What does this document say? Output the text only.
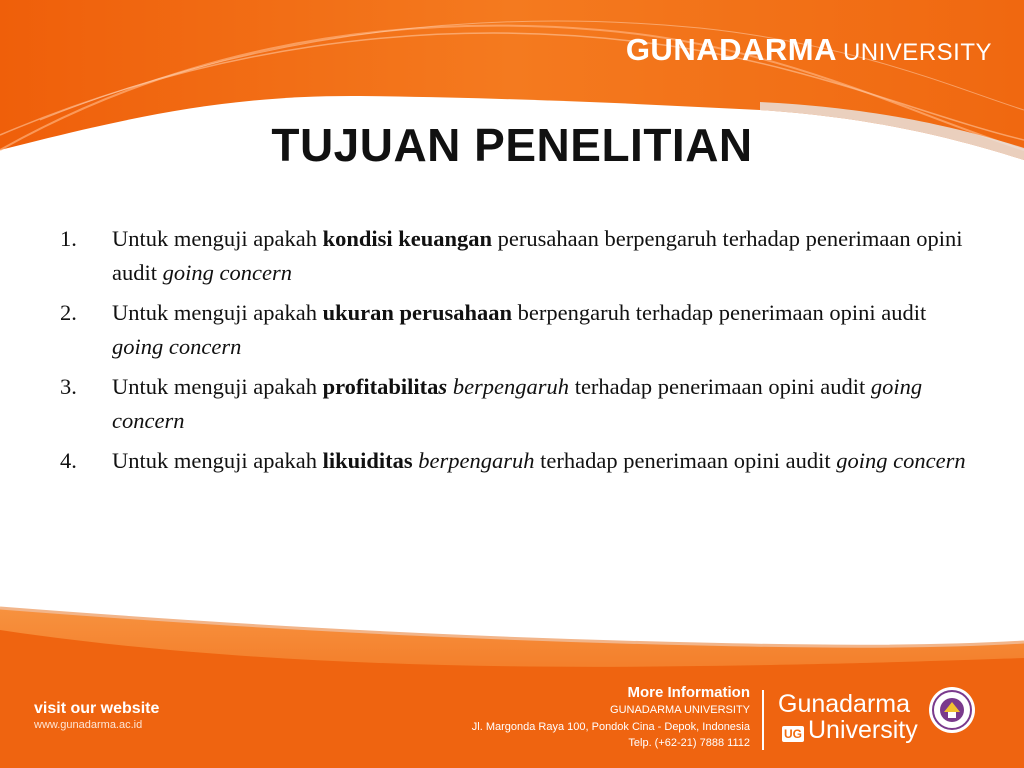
GUNADARMA UNIVERSITY
TUJUAN PENELITIAN
1. Untuk menguji apakah kondisi keuangan perusahaan berpengaruh terhadap penerimaan opini audit going concern
2. Untuk menguji apakah ukuran perusahaan berpengaruh terhadap penerimaan opini audit going concern
3. Untuk menguji apakah profitabilitas berpengaruh terhadap penerimaan opini audit going concern
4. Untuk menguji apakah likuiditas berpengaruh terhadap penerimaan opini audit going concern
visit our website
www.gunadarma.ac.id
More Information
GUNADARMA UNIVERSITY
Jl. Margonda Raya 100, Pondok Cina - Depok, Indonesia
Telp. (+62-21) 7888 1112
Gunadarma
UG University
